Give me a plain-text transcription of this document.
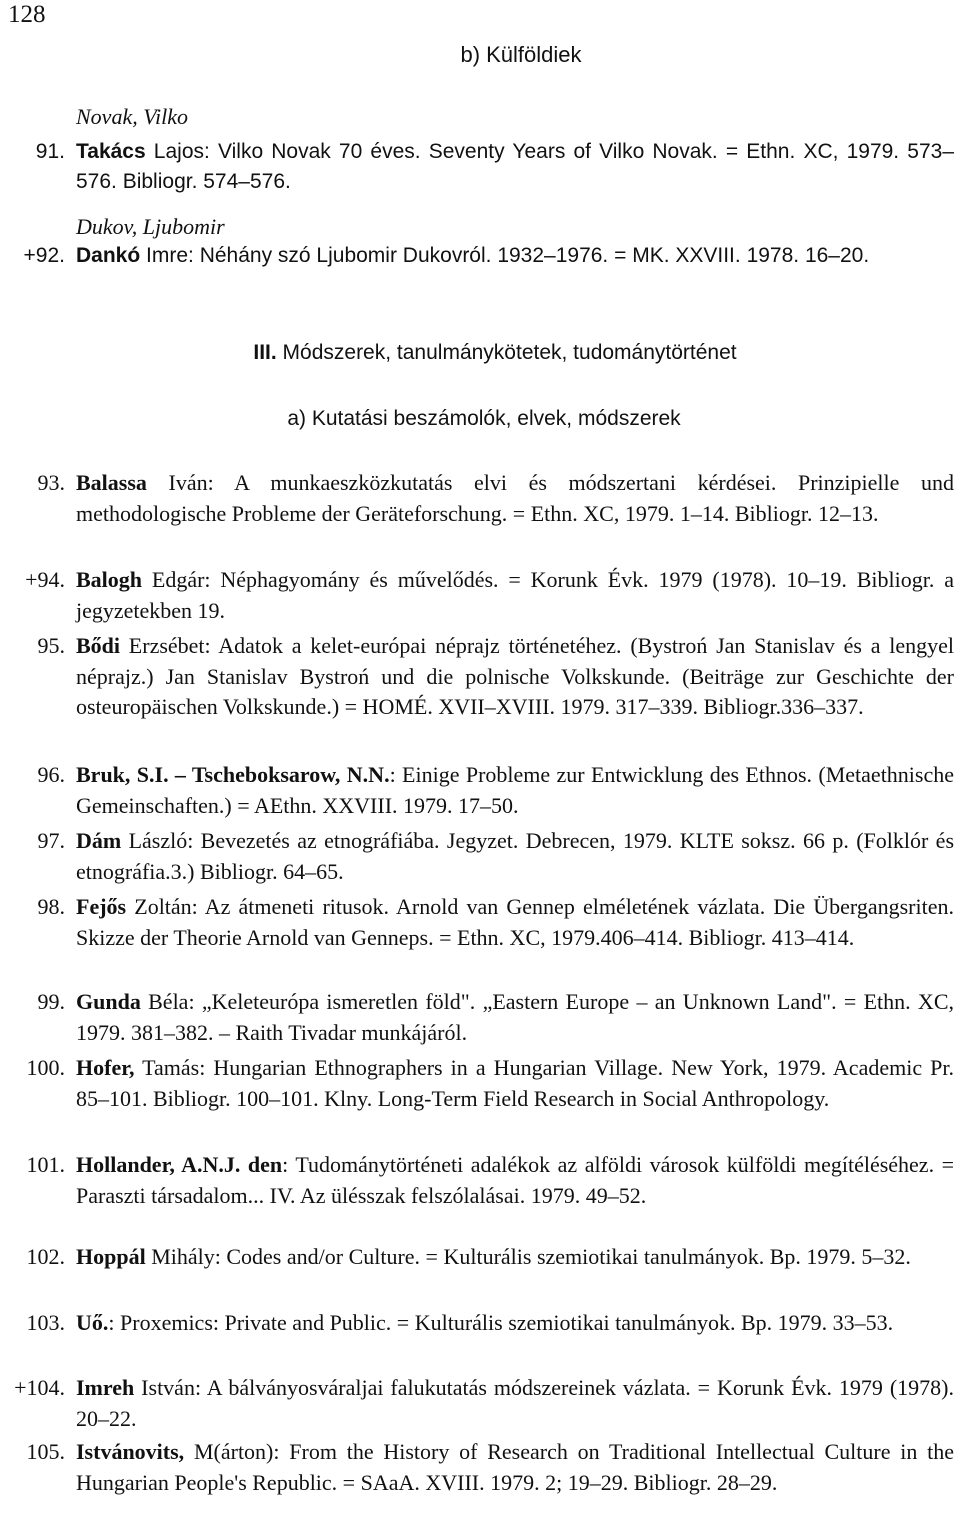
128
b) Külföldiek
Novak, Vilko
91. Takács Lajos: Vilko Novak 70 éves. Seventy Years of Vilko Novak. = Ethn. XC, 1979. 573–576. Bibliogr. 574–576.
Dukov, Ljubomir
+92. Dankó Imre: Néhány szó Ljubomir Dukovról. 1932–1976. = MK. XXVIII. 1978. 16–20.
III. Módszerek, tanulmánykötetek, tudománytörténet
a) Kutatási beszámolók, elvek, módszerek
93. Balassa Iván: A munkaeszközkutatás elvi és módszertani kérdései. Prinzipielle und methodologische Probleme der Geräteforschung. = Ethn. XC, 1979. 1–14. Bibliogr. 12–13.
+94. Balogh Edgár: Néphagyomány és művelődés. = Korunk Évk. 1979 (1978). 10–19. Bibliogr. a jegyzetekben 19.
95. Bődi Erzsébet: Adatok a kelet-európai néprajz történetéhez. (Bystroń Jan Stanislav és a lengyel néprajz.) Jan Stanislav Bystroń und die polnische Volkskunde. (Beiträge zur Geschichte der osteuropäischen Volkskunde.) = HOMÉ. XVII–XVIII. 1979. 317–339. Bibliogr.336–337.
96. Bruk, S.I. – Tscheboksarow, N.N.: Einige Probleme zur Entwicklung des Ethnos. (Metaethnische Gemeinschaften.) = AEthn. XXVIII. 1979. 17–50.
97. Dám László: Bevezetés az etnográfiába. Jegyzet. Debrecen, 1979. KLTE soksz. 66 p. (Folklór és etnográfia.3.) Bibliogr. 64–65.
98. Fejős Zoltán: Az átmeneti ritusok. Arnold van Gennep elméletének vázlata. Die Übergangsriten. Skizze der Theorie Arnold van Genneps. = Ethn. XC, 1979.406–414. Bibliogr. 413–414.
99. Gunda Béla: „Keleteurópa ismeretlen föld". „Eastern Europe – an Unknown Land". = Ethn. XC, 1979. 381–382. – Raith Tivadar munkájáról.
100. Hofer, Tamás: Hungarian Ethnographers in a Hungarian Village. New York, 1979. Academic Pr. 85–101. Bibliogr. 100–101. Klny. Long-Term Field Research in Social Anthropology.
101. Hollander, A.N.J. den: Tudománytörténeti adalékok az alföldi városok külföldi megítéléséhez. = Paraszti társadalom... IV. Az ülésszak felszólalásai. 1979. 49–52.
102. Hoppál Mihály: Codes and/or Culture. = Kulturális szemiotikai tanulmányok. Bp. 1979. 5–32.
103. Uő.: Proxemics: Private and Public. = Kulturális szemiotikai tanulmányok. Bp. 1979. 33–53.
+104. Imreh István: A bálványosváraljai falukutatás módszereinek vázlata. = Korunk Évk. 1979 (1978). 20–22.
105. Istvánovits, M(árton): From the History of Research on Traditional Intellectual Culture in the Hungarian People's Republic. = SAaA. XVIII. 1979. 2; 19–29. Bibliogr. 28–29.
